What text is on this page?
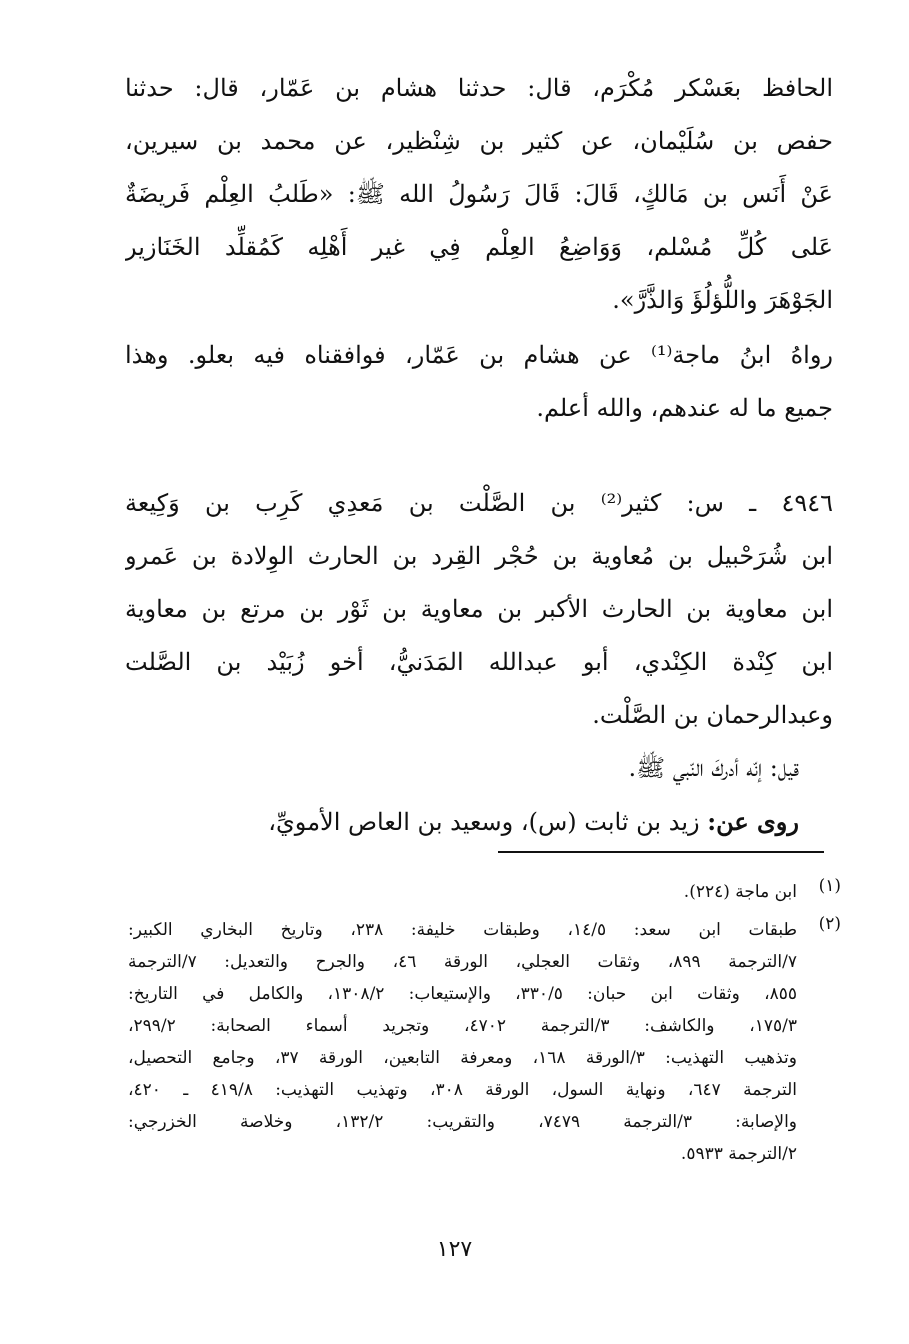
الحافظ بعَسْكر مُكْرَم، قال: حدثنا هشام بن عَمّار، قال: حدثنا
حفص بن سُلَيْمان، عن كثير بن شِنْظير، عن محمد بن سيرين،
عَنْ أَنَس بن مَالكٍ، قَالَ: قَالَ رَسُولُ الله ﷺ: «طَلبُ العِلْم فَريضَةٌ
عَلى كُلِّ مُسْلم، وَوَاضِعُ العِلْم فِي غير أَهْلِه كَمُقلِّد الخَنَازير
الجَوْهَرَ واللُّؤلُؤَ وَالذَّرَّ».
رواهُ ابنُ ماجة⁽¹⁾ عن هشام بن عَمّار، فوافقناه فيه بعلو. وهذا
جميع ما له عندهم، والله أعلم.
٤٩٤٦ ـ س: كثير⁽²⁾ بن الصَّلْت بن مَعدِي كَرِب بن وَكِيعة
ابن شُرَحْبيل بن مُعاوية بن حُجْر القِرد بن الحارث الوِلادة بن عَمرو
ابن معاوية بن الحارث الأكبر بن معاوية بن ثَوْر بن مرتع بن معاوية
ابن كِنْدة الكِنْدي، أبو عبدالله المَدَنيُّ، أخو زُبَيْد بن الصَّلت
وعبدالرحمان بن الصَّلْت.
قيل: إنّه أدركَ النّبي ﷺ.
روى عن: زيد بن ثابت (س)، وسعيد بن العاص الأمويِّ،
(١)
ابن ماجة (٢٢٤).
(٢)
طبقات ابن سعد: ١٤/٥، وطبقات خليفة: ٢٣٨، وتاريخ البخاري الكبير:
٧/الترجمة ٨٩٩، وثقات العجلي، الورقة ٤٦، والجرح والتعديل: ٧/الترجمة
٨٥٥، وثقات ابن حبان: ٣٣٠/٥، والإستيعاب: ١٣٠٨/٢، والكامل في التاريخ:
١٧٥/٣، والكاشف: ٣/الترجمة ٤٧٠٢، وتجريد أسماء الصحابة: ٢٩٩/٢،
وتذهيب التهذيب: ٣/الورقة ١٦٨، ومعرفة التابعين، الورقة ٣٧، وجامع التحصيل،
الترجمة ٦٤٧، ونهاية السول، الورقة ٣٠٨، وتهذيب التهذيب: ٤١٩/٨ ـ ٤٢٠،
والإصابة: ٣/الترجمة ٧٤٧٩، والتقريب: ١٣٢/٢، وخلاصة الخزرجي:
٢/الترجمة ٥٩٣٣.
١٢٧
